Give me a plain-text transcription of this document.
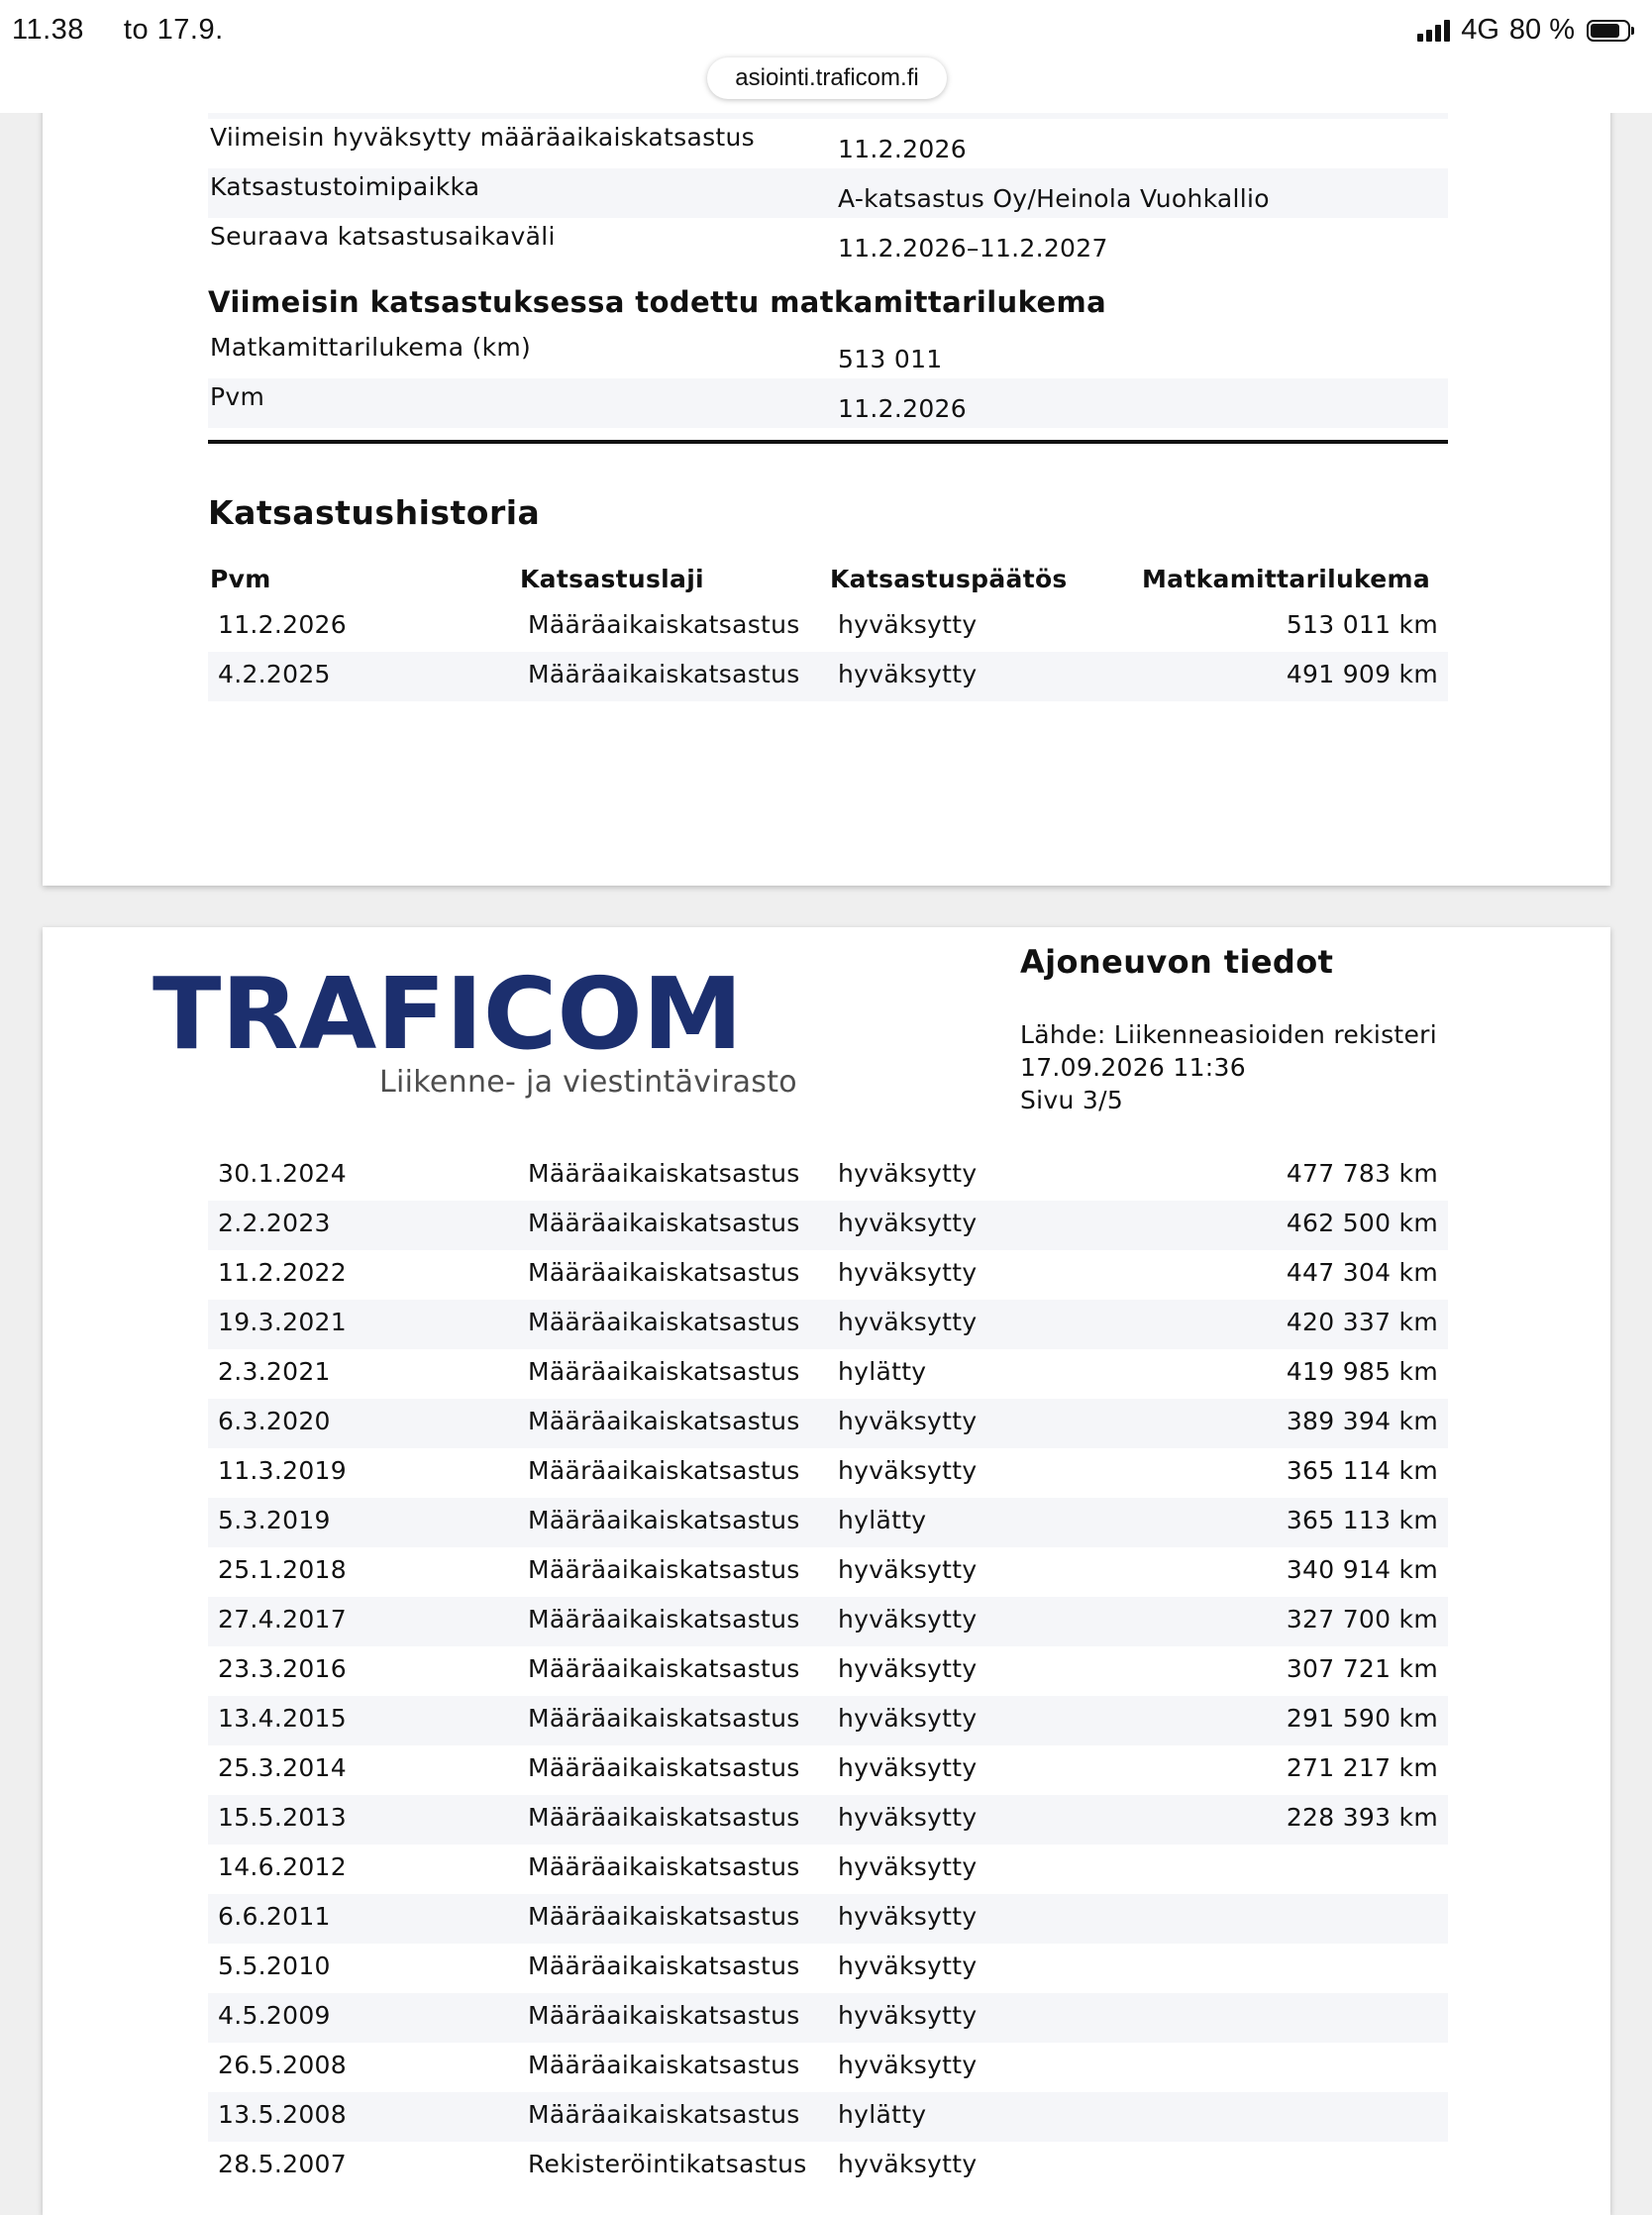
11.38 to 17.9.	4G 80 %
asiointi.traficom.fi
Viimeisin hyväksytty määräaikaiskatsastus	11.2.2026
Katsastustoimipaikka	A-katsastus Oy/Heinola Vuohkallio
Seuraava katsastusaikaväli	11.2.2026–11.2.2027
Viimeisin katsastuksessa todettu matkamittarilukema
Matkamittarilukema (km)	513 011
Pvm	11.2.2026
Katsastushistoria
Pvm	Katsastuslaji	Katsastuspäätös	Matkamittarilukema
11.2.2026	Määräaikaiskatsastus hyväksytty	513 011 km
4.2.2025	Määräaikaiskatsastus hyväksytty	491 909 km
TRAFICOM
Liikenne- ja viestintävirasto
Ajoneuvon tiedot
Lähde: Liikenneasioiden rekisteri
17.09.2026 11:36
Sivu 3/5
30.1.2024	Määräaikaiskatsastus hyväksytty	477 783 km
2.2.2023	Määräaikaiskatsastus hyväksytty	462 500 km
11.2.2022	Määräaikaiskatsastus hyväksytty	447 304 km
19.3.2021	Määräaikaiskatsastus hyväksytty	420 337 km
2.3.2021	Määräaikaiskatsastus hylätty	419 985 km
6.3.2020	Määräaikaiskatsastus hyväksytty	389 394 km
11.3.2019	Määräaikaiskatsastus hyväksytty	365 114 km
5.3.2019	Määräaikaiskatsastus hylätty	365 113 km
25.1.2018	Määräaikaiskatsastus hyväksytty	340 914 km
27.4.2017	Määräaikaiskatsastus hyväksytty	327 700 km
23.3.2016	Määräaikaiskatsastus hyväksytty	307 721 km
13.4.2015	Määräaikaiskatsastus hyväksytty	291 590 km
25.3.2014	Määräaikaiskatsastus hyväksytty	271 217 km
15.5.2013	Määräaikaiskatsastus hyväksytty	228 393 km
14.6.2012	Määräaikaiskatsastus hyväksytty
6.6.2011	Määräaikaiskatsastus hyväksytty
5.5.2010	Määräaikaiskatsastus hyväksytty
4.5.2009	Määräaikaiskatsastus hyväksytty
26.5.2008	Määräaikaiskatsastus hyväksytty
13.5.2008	Määräaikaiskatsastus hylätty
28.5.2007	Rekisteröintikatsastus hyväksytty
